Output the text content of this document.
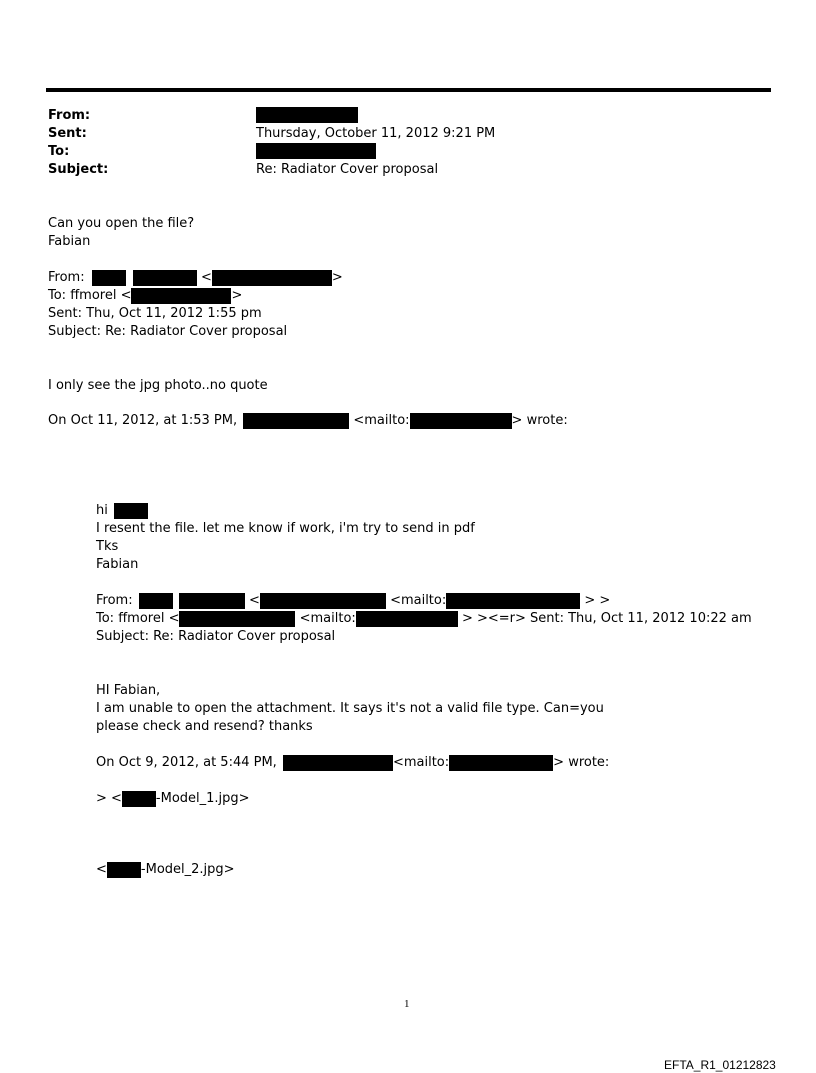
From:
Sent:	Thursday, October 11, 2012 9:21 PM
To:
Subject:	Re: Radiator Cover proposal
Can you open the file?
Fabian
From:	<	>
To: ffmorel <	>
Sent: Thu, Oct 11, 2012 1:55 pm
Subject: Re: Radiator Cover proposal
I only see the jpg photo..no quote
On Oct 11, 2012, at 1:53 PM,	<mailto:	> wrote:
hi
I resent the file. let me know if work, i'm try to send in pdf
Tks
Fabian
From:	<	<mailto:	> >
To: ffmorel <	<mailto:	> ><=r> Sent: Thu, Oct 11, 2012 10:22 am
Subject: Re: Radiator Cover proposal
HI Fabian,
I am unable to open the attachment. It says it's not a valid file type. Can=you
please check and resend? thanks
On Oct 9, 2012, at 5:44 PM,	<mailto:	> wrote:
> <	-Model_1.jpg>
<	-Model_2.jpg>
1
EFTA_R1_01212823
